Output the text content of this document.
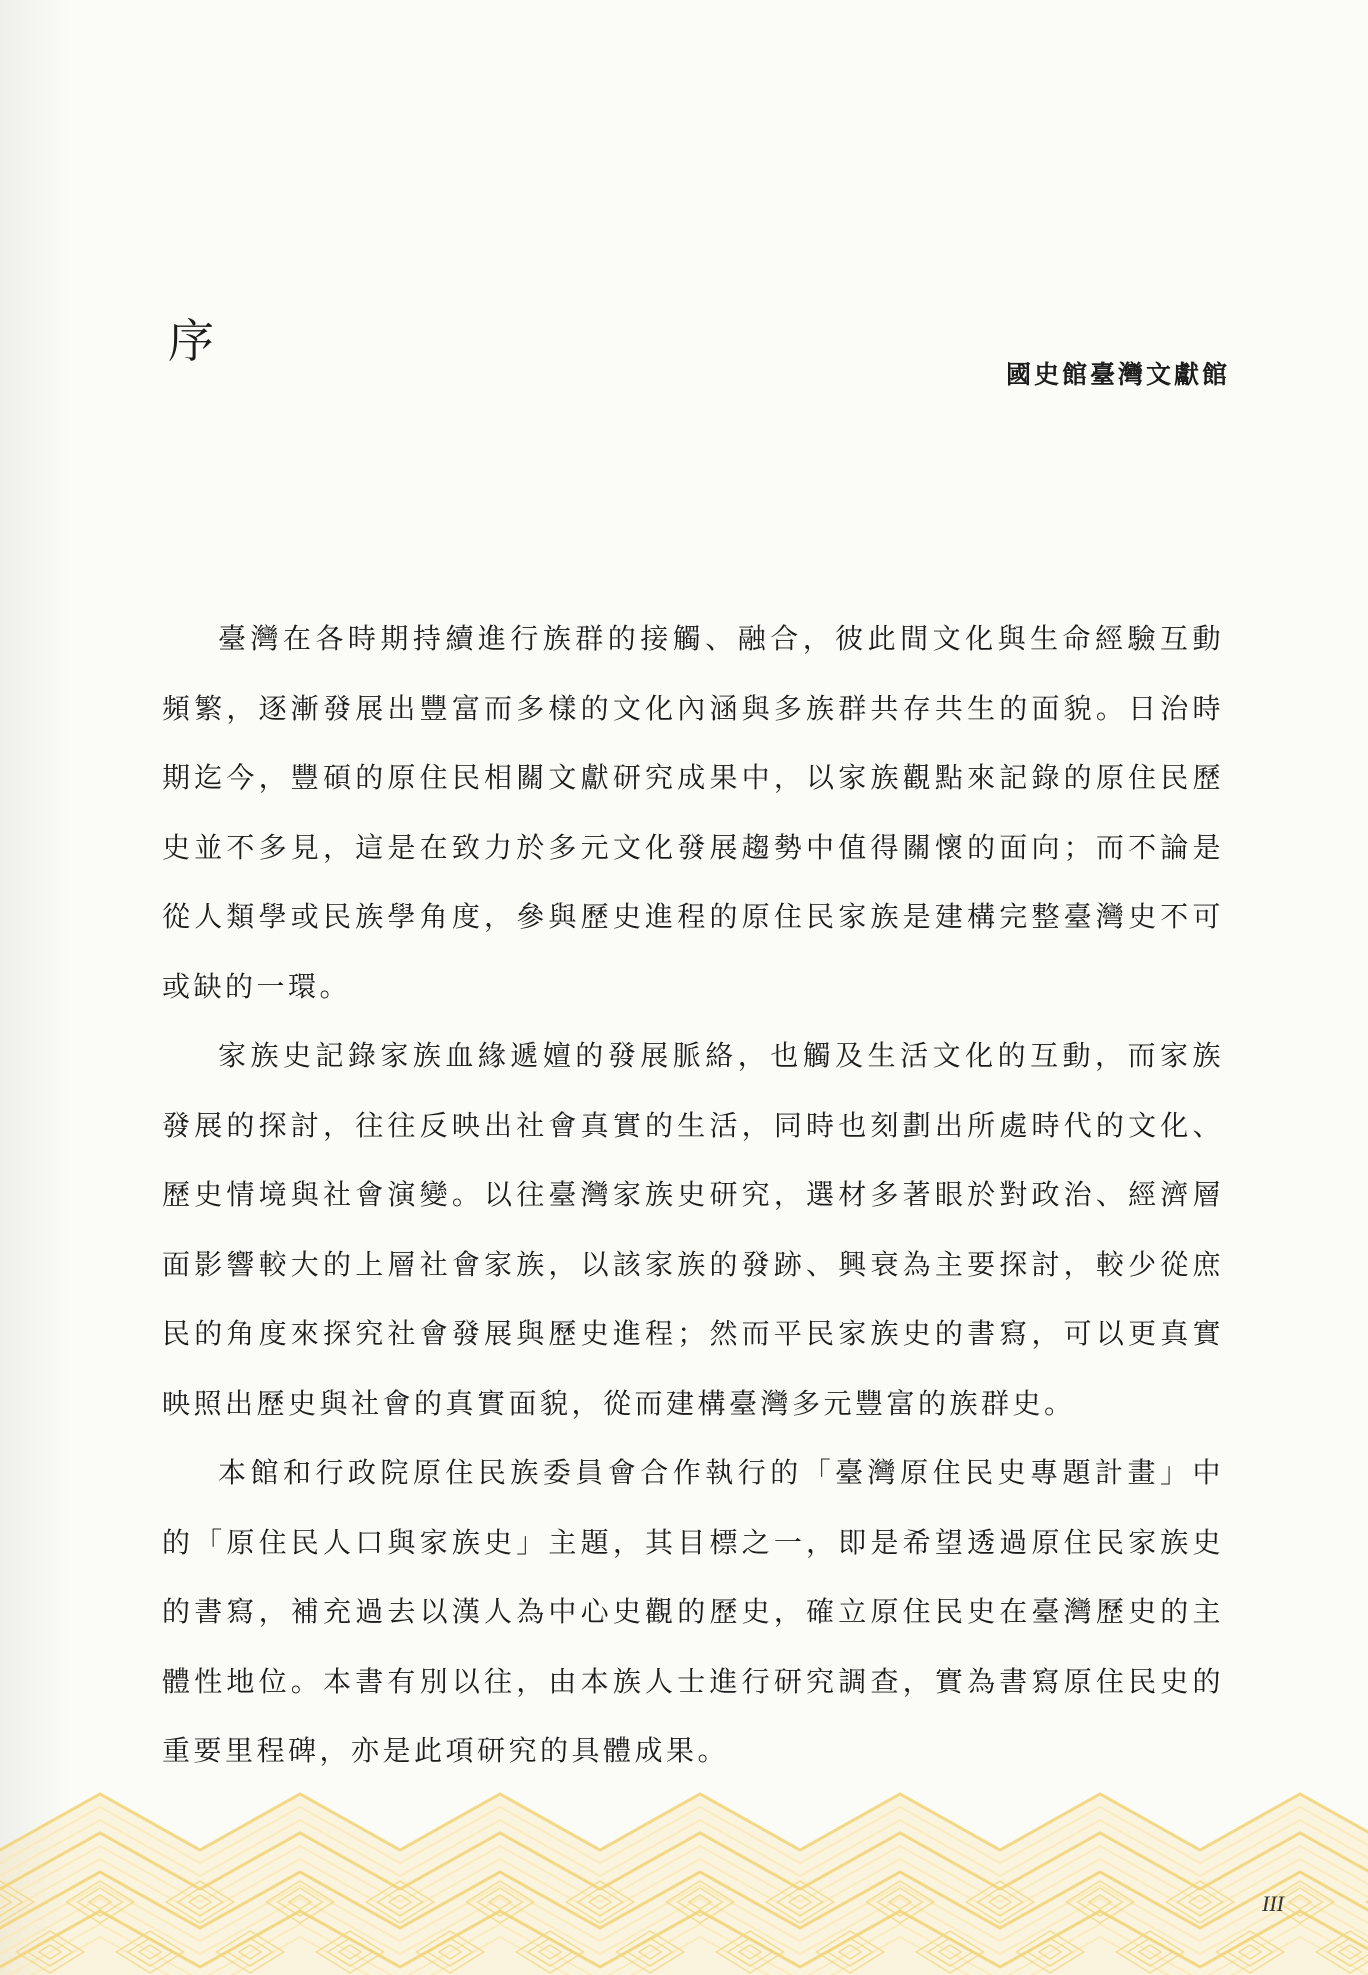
序
國史館臺灣文獻館

臺灣在各時期持續進行族群的接觸、融合，彼此間文化與生命經驗互動頻繁，逐漸發展出豐富而多樣的文化內涵與多族群共存共生的面貌。日治時期迄今，豐碩的原住民相關文獻研究成果中，以家族觀點來記錄的原住民歷史並不多見，這是在致力於多元文化發展趨勢中值得關懷的面向；而不論是從人類學或民族學角度，參與歷史進程的原住民家族是建構完整臺灣史不可或缺的一環。

家族史記錄家族血緣遞嬗的發展脈絡，也觸及生活文化的互動，而家族發展的探討，往往反映出社會真實的生活，同時也刻劃出所處時代的文化、歷史情境與社會演變。以往臺灣家族史研究，選材多著眼於對政治、經濟層面影響較大的上層社會家族，以該家族的發跡、興衰為主要探討，較少從庶民的角度來探究社會發展與歷史進程；然而平民家族史的書寫，可以更真實映照出歷史與社會的真實面貌，從而建構臺灣多元豐富的族群史。

本館和行政院原住民族委員會合作執行的「臺灣原住民史專題計畫」中的「原住民人口與家族史」主題，其目標之一，即是希望透過原住民家族史的書寫，補充過去以漢人為中心史觀的歷史，確立原住民史在臺灣歷史的主體性地位。本書有別以往，由本族人士進行研究調查，實為書寫原住民史的重要里程碑，亦是此項研究的具體成果。

III
